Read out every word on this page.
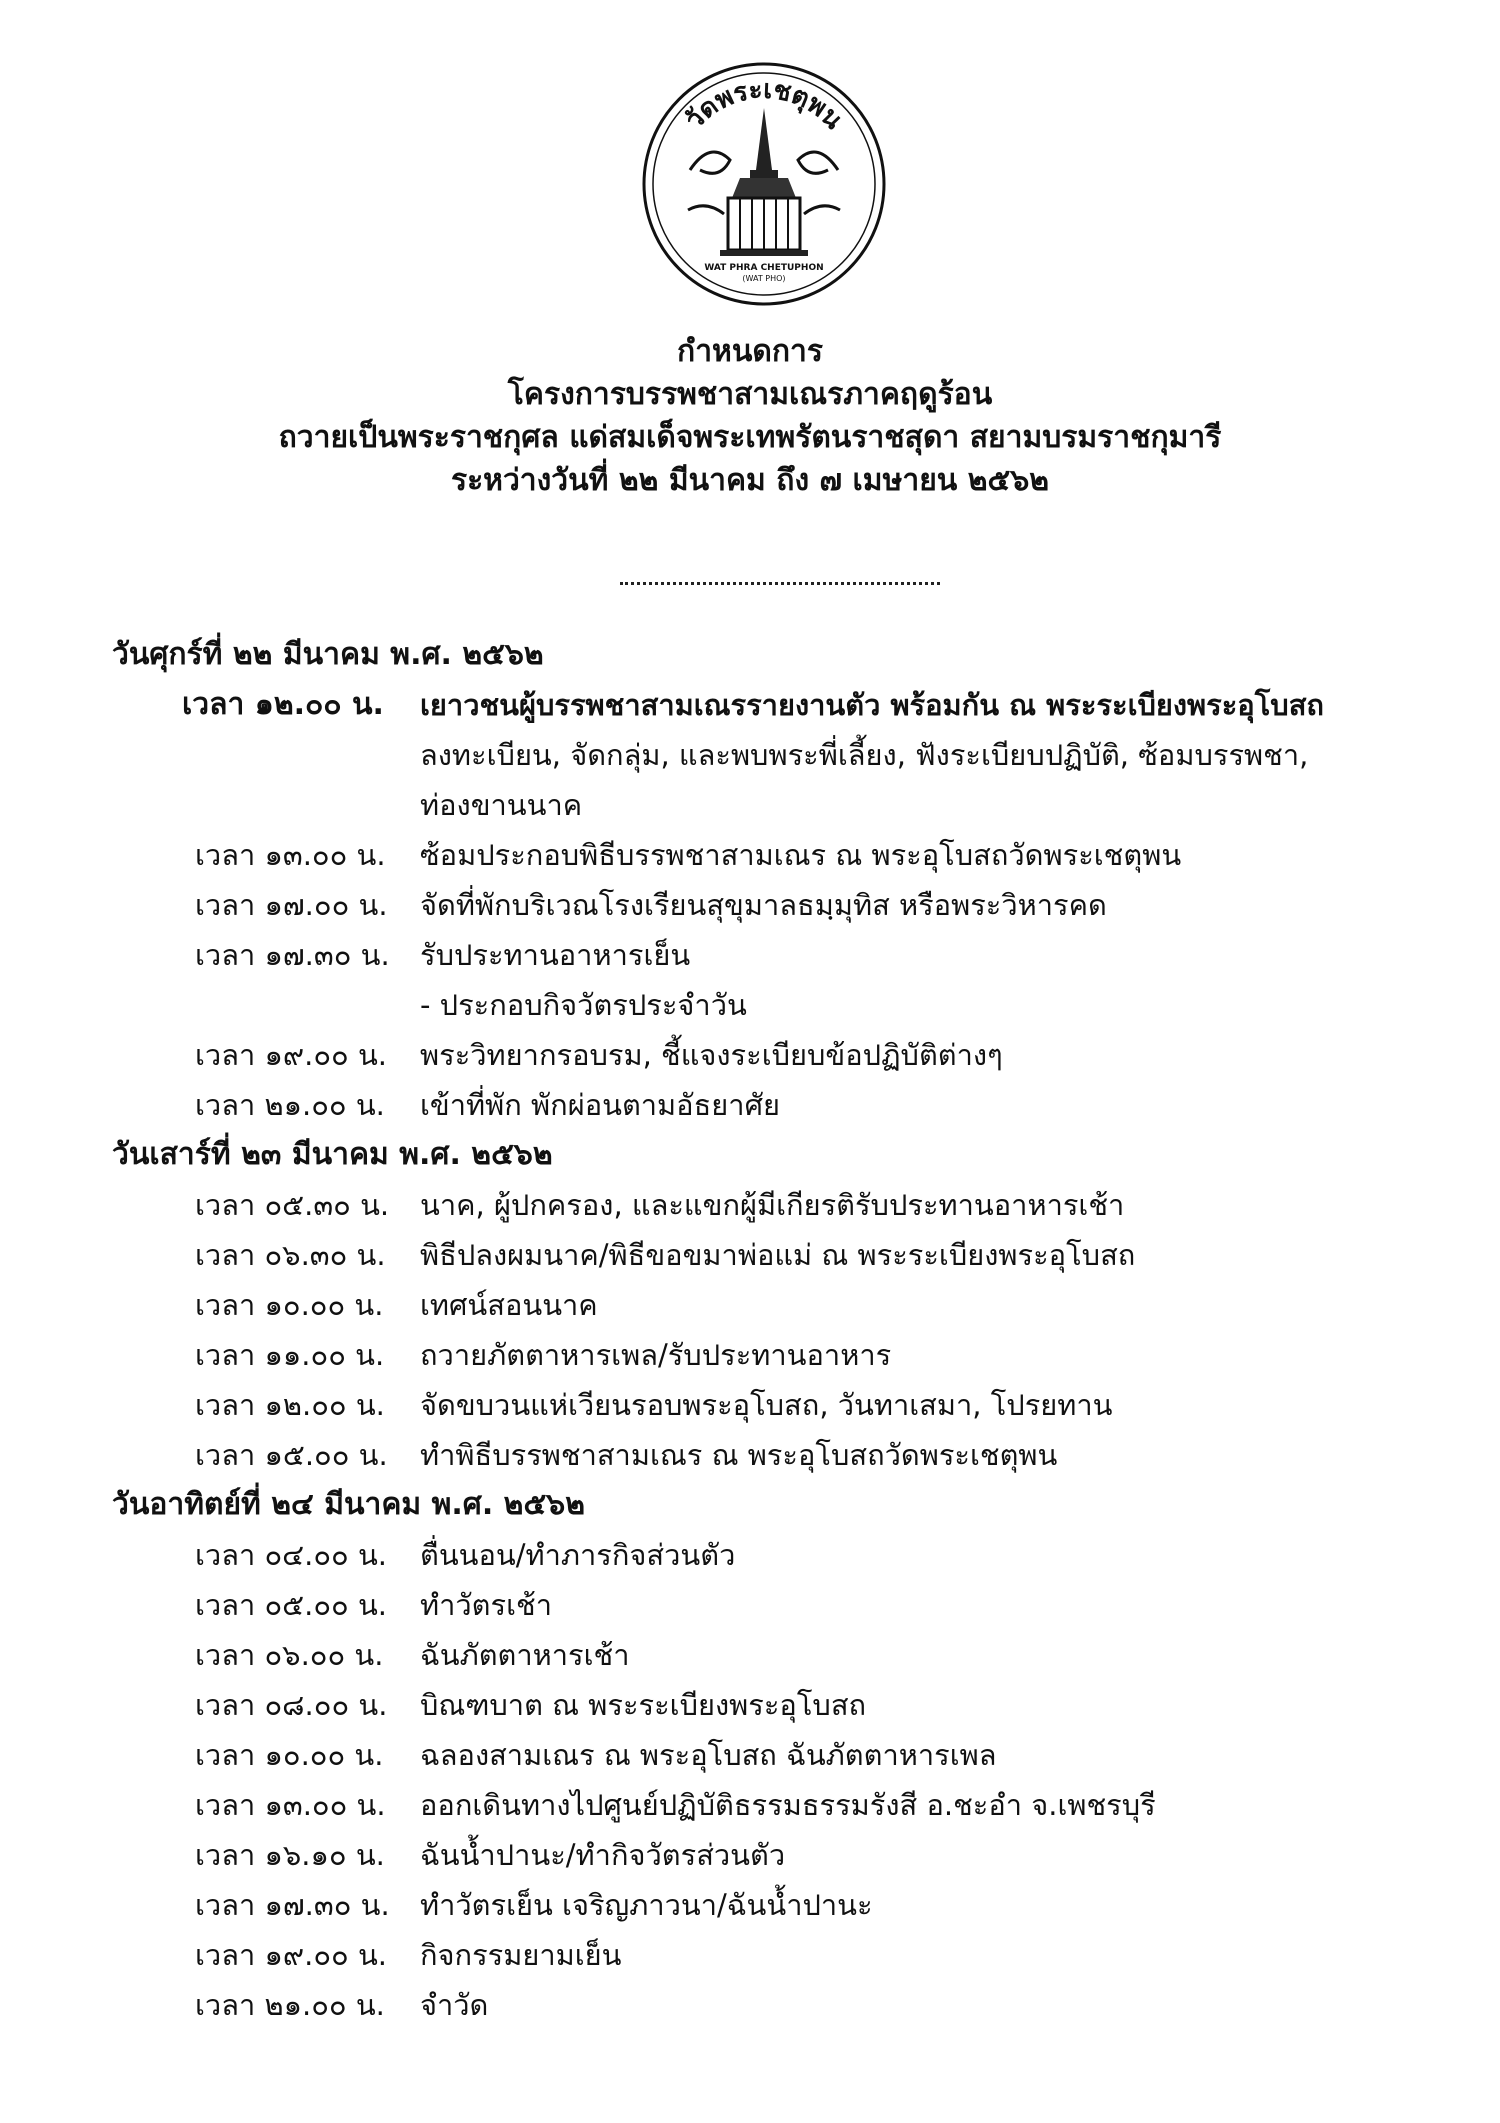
วัดพระเชตุพน
WAT PHRA CHETUPHON
(WAT PHO)
กำหนดการ
โครงการบรรพชาสามเณรภาคฤดูร้อน
ถวายเป็นพระราชกุศล แด่สมเด็จพระเทพรัตนราชสุดา สยามบรมราชกุมารี
ระหว่างวันที่ ๒๒ มีนาคม ถึง ๗ เมษายน ๒๕๖๒
วันศุกร์ที่ ๒๒ มีนาคม พ.ศ. ๒๕๖๒
เวลา ๑๒.๐๐ น.	เยาวชนผู้บรรพชาสามเณรรายงานตัว พร้อมกัน ณ พระระเบียงพระอุโบสถ
ลงทะเบียน, จัดกลุ่ม, และพบพระพี่เลี้ยง, ฟังระเบียบปฏิบัติ, ซ้อมบรรพชา,
ท่องขานนาค
เวลา ๑๓.๐๐ น.	ซ้อมประกอบพิธีบรรพชาสามเณร ณ พระอุโบสถวัดพระเชตุพน
เวลา ๑๗.๐๐ น.	จัดที่พักบริเวณโรงเรียนสุขุมาลธมฺมุทิส หรือพระวิหารคด
เวลา ๑๗.๓๐ น.	รับประทานอาหารเย็น
- ประกอบกิจวัตรประจำวัน
เวลา ๑๙.๐๐ น.	พระวิทยากรอบรม, ชี้แจงระเบียบข้อปฏิบัติต่างๆ
เวลา ๒๑.๐๐ น.	เข้าที่พัก พักผ่อนตามอัธยาศัย
วันเสาร์ที่ ๒๓ มีนาคม พ.ศ. ๒๕๖๒
เวลา ๐๕.๓๐ น.	นาค, ผู้ปกครอง, และแขกผู้มีเกียรติรับประทานอาหารเช้า
เวลา ๐๖.๓๐ น.	พิธีปลงผมนาค/พิธีขอขมาพ่อแม่ ณ พระระเบียงพระอุโบสถ
เวลา ๑๐.๐๐ น.	เทศน์สอนนาค
เวลา ๑๑.๐๐ น.	ถวายภัตตาหารเพล/รับประทานอาหาร
เวลา ๑๒.๐๐ น.	จัดขบวนแห่เวียนรอบพระอุโบสถ, วันทาเสมา, โปรยทาน
เวลา ๑๕.๐๐ น.	ทำพิธีบรรพชาสามเณร ณ พระอุโบสถวัดพระเชตุพน
วันอาทิตย์ที่ ๒๔ มีนาคม พ.ศ. ๒๕๖๒
เวลา ๐๔.๐๐ น.	ตื่นนอน/ทำภารกิจส่วนตัว
เวลา ๐๕.๐๐ น.	ทำวัตรเช้า
เวลา ๐๖.๐๐ น.	ฉันภัตตาหารเช้า
เวลา ๐๘.๐๐ น.	บิณฑบาต ณ พระระเบียงพระอุโบสถ
เวลา ๑๐.๐๐ น.	ฉลองสามเณร ณ พระอุโบสถ ฉันภัตตาหารเพล
เวลา ๑๓.๐๐ น.	ออกเดินทางไปศูนย์ปฏิบัติธรรมธรรมรังสี อ.ชะอำ จ.เพชรบุรี
เวลา ๑๖.๑๐ น.	ฉันน้ำปานะ/ทำกิจวัตรส่วนตัว
เวลา ๑๗.๓๐ น.	ทำวัตรเย็น เจริญภาวนา/ฉันน้ำปานะ
เวลา ๑๙.๐๐ น.	กิจกรรมยามเย็น
เวลา ๒๑.๐๐ น.	จำวัด
